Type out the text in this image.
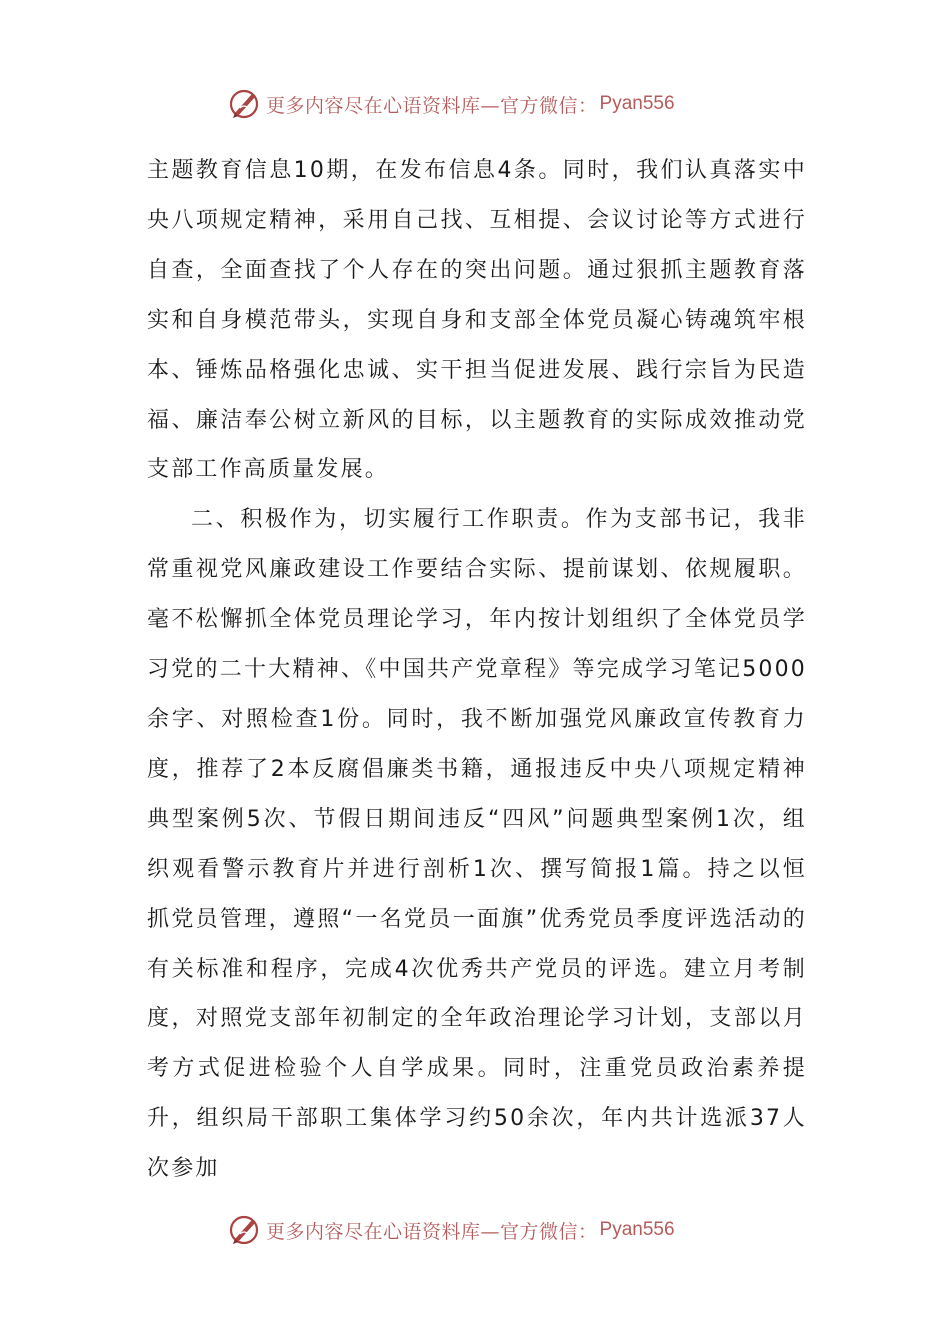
更多内容尽在心语资料库—官方微信： Pyan556

主题教育信息10期，在发布信息4条。同时，我们认真落实中央八项规定精神，采用自己找、互相提、会议讨论等方式进行自查，全面查找了个人存在的突出问题。通过狠抓主题教育落实和自身模范带头，实现自身和支部全体党员凝心铸魂筑牢根本、锤炼品格强化忠诚、实干担当促进发展、践行宗旨为民造福、廉洁奉公树立新风的目标，以主题教育的实际成效推动党支部工作高质量发展。

二、积极作为，切实履行工作职责。作为支部书记，我非常重视党风廉政建设工作要结合实际、提前谋划、依规履职。毫不松懈抓全体党员理论学习，年内按计划组织了全体党员学习党的二十大精神、《中国共产党章程》等完成学习笔记5000余字、对照检查1份。同时，我不断加强党风廉政宣传教育力度，推荐了2本反腐倡廉类书籍，通报违反中央八项规定精神典型案例5次、节假日期间违反“四风”问题典型案例1次，组织观看警示教育片并进行剖析1次、撰写简报1篇。持之以恒抓党员管理，遵照“一名党员一面旗”优秀党员季度评选活动的有关标准和程序，完成4次优秀共产党员的评选。建立月考制度，对照党支部年初制定的全年政治理论学习计划，支部以月考方式促进检验个人自学成果。同时，注重党员政治素养提升，组织局干部职工集体学习约50余次，年内共计选派37人次参加

更多内容尽在心语资料库—官方微信： Pyan556
